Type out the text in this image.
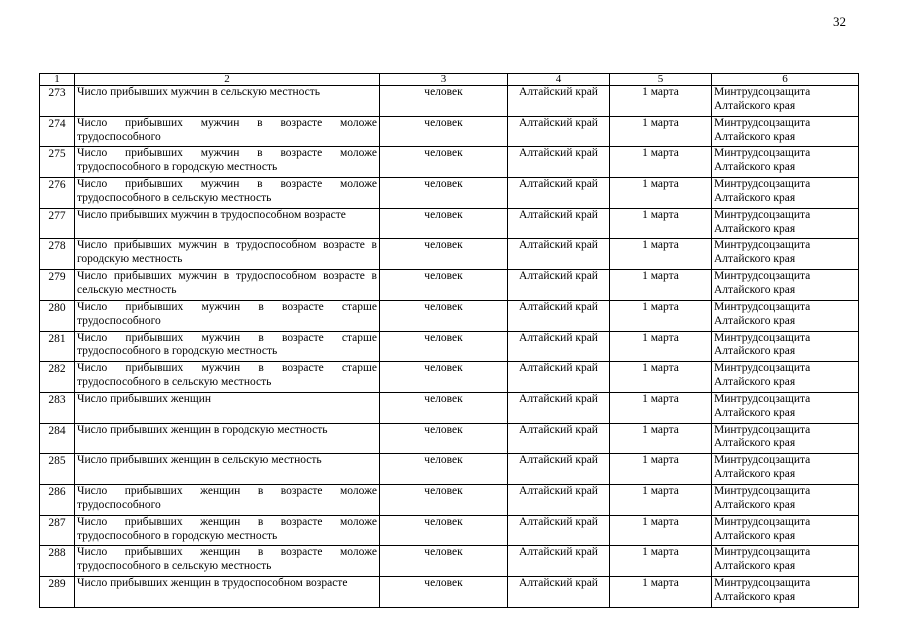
32
1	2	3	4	5	6
273	Число прибывших мужчин в сельскую местность	человек	Алтайский край	1 марта	Минтрудсоцзащита Алтайского края
274	Число прибывших мужчин в возрасте моложе трудоспособного	человек	Алтайский край	1 марта	Минтрудсоцзащита Алтайского края
275	Число прибывших мужчин в возрасте моложе трудоспособного в городскую местность	человек	Алтайский край	1 марта	Минтрудсоцзащита Алтайского края
276	Число прибывших мужчин в возрасте моложе трудоспособного в сельскую местность	человек	Алтайский край	1 марта	Минтрудсоцзащита Алтайского края
277	Число прибывших мужчин в трудоспособном возрасте	человек	Алтайский край	1 марта	Минтрудсоцзащита Алтайского края
278	Число прибывших мужчин в трудоспособном возрасте в городскую местность	человек	Алтайский край	1 марта	Минтрудсоцзащита Алтайского края
279	Число прибывших мужчин в трудоспособном возрасте в сельскую местность	человек	Алтайский край	1 марта	Минтрудсоцзащита Алтайского края
280	Число прибывших мужчин в возрасте старше трудоспособного	человек	Алтайский край	1 марта	Минтрудсоцзащита Алтайского края
281	Число прибывших мужчин в возрасте старше трудоспособного в городскую местность	человек	Алтайский край	1 марта	Минтрудсоцзащита Алтайского края
282	Число прибывших мужчин в возрасте старше трудоспособного в сельскую местность	человек	Алтайский край	1 марта	Минтрудсоцзащита Алтайского края
283	Число прибывших женщин	человек	Алтайский край	1 марта	Минтрудсоцзащита Алтайского края
284	Число прибывших женщин в городскую местность	человек	Алтайский край	1 марта	Минтрудсоцзащита Алтайского края
285	Число прибывших женщин в сельскую местность	человек	Алтайский край	1 марта	Минтрудсоцзащита Алтайского края
286	Число прибывших женщин в возрасте моложе трудоспособного	человек	Алтайский край	1 марта	Минтрудсоцзащита Алтайского края
287	Число прибывших женщин в возрасте моложе трудоспособного в городскую местность	человек	Алтайский край	1 марта	Минтрудсоцзащита Алтайского края
288	Число прибывших женщин в возрасте моложе трудоспособного в сельскую местность	человек	Алтайский край	1 марта	Минтрудсоцзащита Алтайского края
289	Число прибывших женщин в трудоспособном возрасте	человек	Алтайский край	1 марта	Минтрудсоцзащита Алтайского края
